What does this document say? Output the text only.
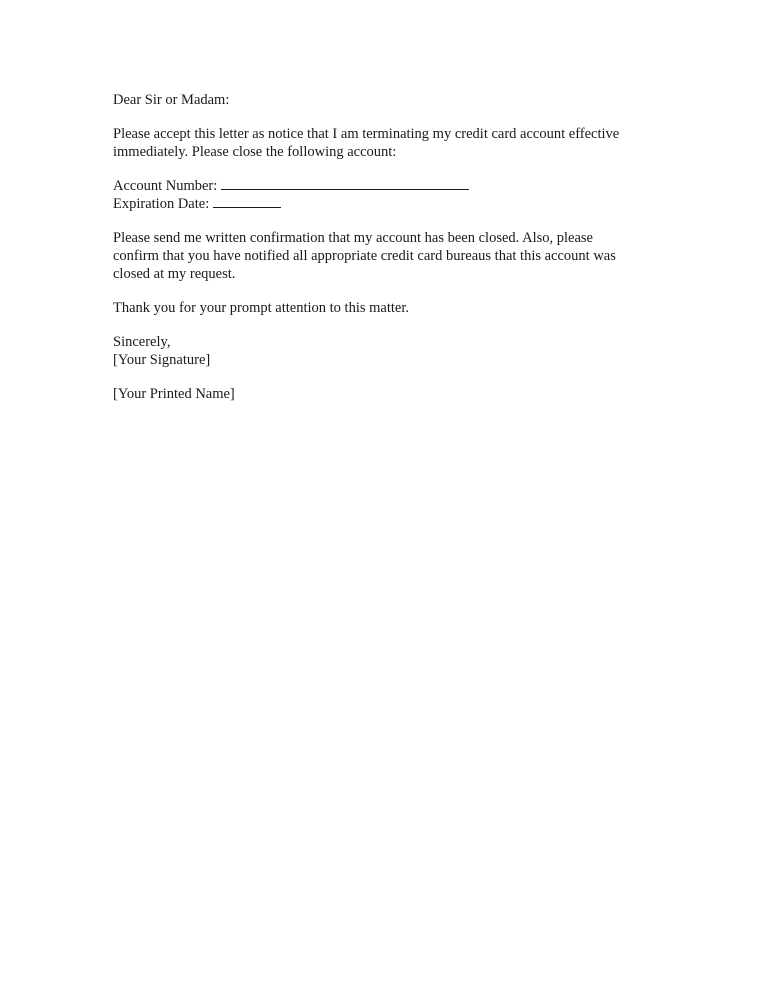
Dear Sir or Madam:

Please accept this letter as notice that I am terminating my credit card account effective
immediately. Please close the following account:

Account Number:
Expiration Date:

Please send me written confirmation that my account has been closed. Also, please
confirm that you have notified all appropriate credit card bureaus that this account was
closed at my request.

Thank you for your prompt attention to this matter.

Sincerely,
[Your Signature]

[Your Printed Name]
